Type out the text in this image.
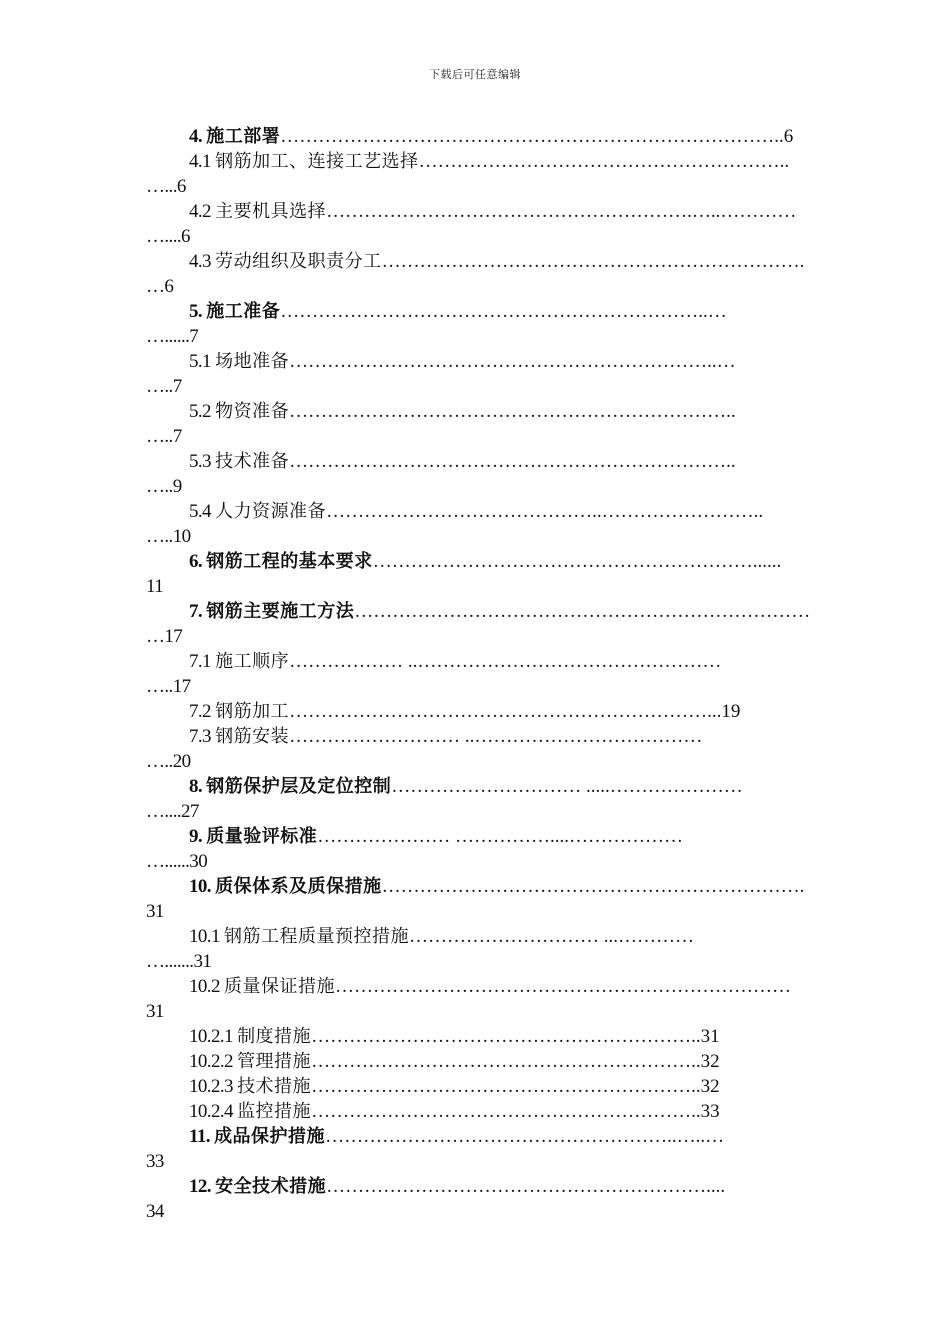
下载后可任意编辑
4. 施工部署……………………………………………………………………..6
4.1 钢筋加工、连接工艺选择…………………………………………………..
…...6
4.2 主要机具选择………………………………………………….…..…………
…....6
4.3 劳动组织及职责分工………………………………………………………….
…6
5. 施工准备…………………………………………………………..…
…......7
5.1 场地准备…………………………………………………………..…
…..7
5.2 物资准备……………………………………………………………..
…..7
5.3 技术准备……………………………………………………………..
…..9
5.4 人力资源准备……………………………………..……………………..
…..10
6. 钢筋工程的基本要求……………………………………………………......
11
7. 钢筋主要施工方法………………………………………………………………
…17
7.1 施工顺序……………… ..…………………………………………
…..17
7.2 钢筋加工…………………………………………………………...19
7.3 钢筋安装……………………… ..………………………………
…..20
8. 钢筋保护层及定位控制………………………… .....…………………
…....27
9. 质量验评标准………………… ……………....………………
…......30
10. 质保体系及质保措施………………………………………………………….
31
10.1 钢筋工程质量预控措施………………………… ...…………
….......31
10.2 质量保证措施………………………………………………………………
31
10.2.1 制度措施……………………………………………………..31
10.2.2 管理措施……………………………………………………..32
10.2.3 技术措施……………………………………………………..32
10.2.4 监控措施……………………………………………………..33
11. 成品保护措施………………………………………………..…..…
33
12. 安全技术措施……………………………………………………....
34
